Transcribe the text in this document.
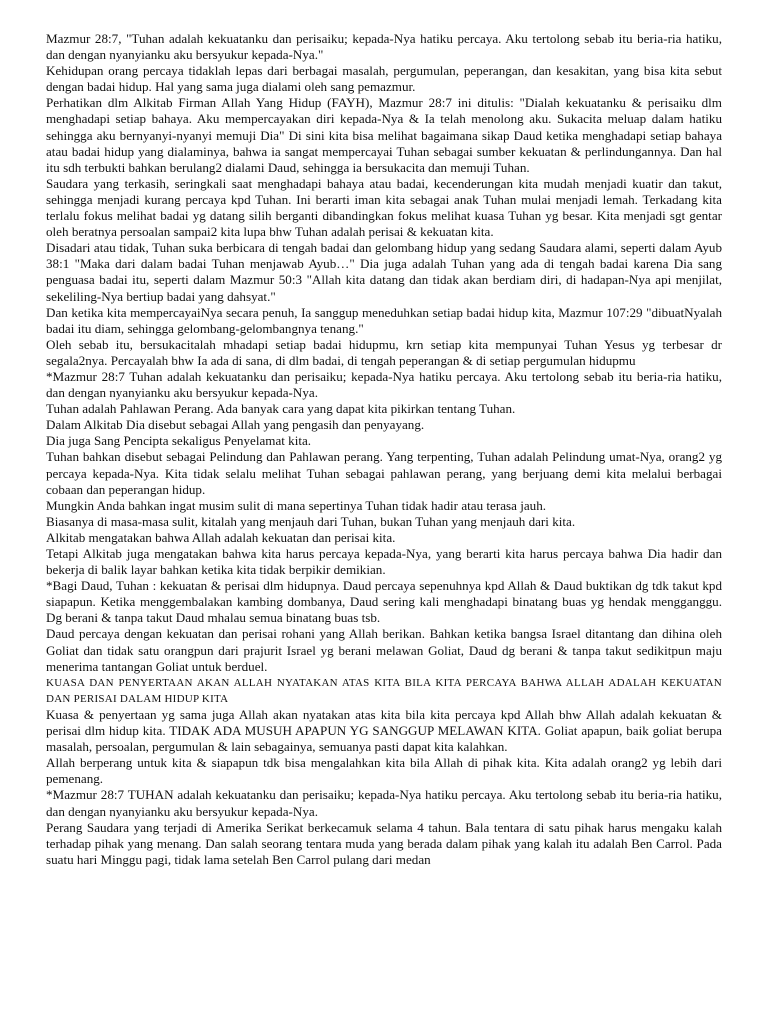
Mazmur 28:7, "Tuhan adalah kekuatanku dan perisaiku; kepada-Nya hatiku percaya. Aku tertolong sebab itu beria-ria hatiku, dan dengan nyanyianku aku bersyukur kepada-Nya."

Kehidupan orang percaya tidaklah lepas dari berbagai masalah, pergumulan, peperangan, dan kesakitan, yang bisa kita sebut dengan badai hidup. Hal yang sama juga dialami oleh sang pemazmur.

Perhatikan dlm Alkitab Firman Allah Yang Hidup (FAYH), Mazmur 28:7 ini ditulis: "Dialah kekuatanku & perisaiku dlm menghadapi setiap bahaya. Aku mempercayakan diri kepada-Nya & Ia telah menolong aku. Sukacita meluap dalam hatiku sehingga aku bernyanyi-nyanyi memuji Dia" Di sini kita bisa melihat bagaimana sikap Daud ketika menghadapi setiap bahaya atau badai hidup yang dialaminya, bahwa ia sangat mempercayai Tuhan sebagai sumber kekuatan & perlindungannya. Dan hal itu sdh terbukti bahkan berulang2 dialami Daud, sehingga ia bersukacita dan memuji Tuhan.

Saudara yang terkasih, seringkali saat menghadapi bahaya atau badai, kecenderungan kita mudah menjadi kuatir dan takut, sehingga menjadi kurang percaya kpd Tuhan. Ini berarti iman kita sebagai anak Tuhan mulai menjadi lemah. Terkadang kita terlalu fokus melihat badai yg datang silih berganti dibandingkan fokus melihat kuasa Tuhan yg besar. Kita menjadi sgt gentar oleh beratnya persoalan sampai2 kita lupa bhw Tuhan adalah perisai & kekuatan kita.

Disadari atau tidak, Tuhan suka berbicara di tengah badai dan gelombang hidup yang sedang Saudara alami, seperti dalam Ayub 38:1 "Maka dari dalam badai Tuhan menjawab Ayub…" Dia juga adalah Tuhan yang ada di tengah badai karena Dia sang penguasa badai itu, seperti dalam Mazmur 50:3 "Allah kita datang dan tidak akan berdiam diri, di hadapan-Nya api menjilat, sekeliling-Nya bertiup badai yang dahsyat."

Dan ketika kita mempercayaiNya secara penuh, Ia sanggup meneduhkan setiap badai hidup kita, Mazmur 107:29 "dibuatNyalah badai itu diam, sehingga gelombang-gelombangnya tenang."

Oleh sebab itu, bersukacitalah mhadapi setiap badai hidupmu, krn setiap kita mempunyai Tuhan Yesus yg terbesar dr segala2nya. Percayalah bhw Ia ada di sana, di dlm badai, di tengah peperangan & di setiap pergumulan hidupmu

*Mazmur 28:7 Tuhan adalah kekuatanku dan perisaiku; kepada-Nya hatiku percaya. Aku tertolong sebab itu beria-ria hatiku, dan dengan nyanyianku aku bersyukur kepada-Nya.

Tuhan adalah Pahlawan Perang. Ada banyak cara yang dapat kita pikirkan tentang Tuhan.

Dalam Alkitab Dia disebut sebagai Allah yang pengasih dan penyayang.

Dia juga Sang Pencipta sekaligus Penyelamat kita.

Tuhan bahkan disebut sebagai Pelindung dan Pahlawan perang. Yang terpenting, Tuhan adalah Pelindung umat-Nya, orang2 yg percaya kepada-Nya. Kita tidak selalu melihat Tuhan sebagai pahlawan perang, yang berjuang demi kita melalui berbagai cobaan dan peperangan hidup.

Mungkin Anda bahkan ingat musim sulit di mana sepertinya Tuhan tidak hadir atau terasa jauh.

Biasanya di masa-masa sulit, kitalah yang menjauh dari Tuhan, bukan Tuhan yang menjauh dari kita.

Alkitab mengatakan bahwa Allah adalah kekuatan dan perisai kita.

Tetapi Alkitab juga mengatakan bahwa kita harus percaya kepada-Nya, yang berarti kita harus percaya bahwa Dia hadir dan bekerja di balik layar bahkan ketika kita tidak berpikir demikian.

*Bagi Daud, Tuhan : kekuatan & perisai dlm hidupnya. Daud percaya sepenuhnya kpd Allah & Daud buktikan dg tdk takut kpd siapapun. Ketika menggembalakan kambing dombanya, Daud sering kali menghadapi binatang buas yg hendak mengganggu. Dg berani & tanpa takut Daud mhalau semua binatang buas tsb.

Daud percaya dengan kekuatan dan perisai rohani yang Allah berikan. Bahkan ketika bangsa Israel ditantang dan dihina oleh Goliat dan tidak satu orangpun dari prajurit Israel yg berani melawan Goliat, Daud dg berani & tanpa takut sedikitpun maju menerima tantangan Goliat untuk berduel.

KUASA DAN PENYERTAAN AKAN ALLAH NYATAKAN ATAS KITA BILA KITA PERCAYA BAHWA ALLAH ADALAH KEKUATAN DAN PERISAI DALAM HIDUP KITA

Kuasa & penyertaan yg sama juga Allah akan nyatakan atas kita bila kita percaya kpd Allah bhw Allah adalah kekuatan & perisai dlm hidup kita. TIDAK ADA MUSUH APAPUN YG SANGGUP MELAWAN KITA. Goliat apapun, baik goliat berupa masalah, persoalan, pergumulan & lain sebagainya, semuanya pasti dapat kita kalahkan.

Allah berperang untuk kita & siapapun tdk bisa mengalahkan kita bila Allah di pihak kita. Kita adalah orang2 yg lebih dari pemenang.

*Mazmur 28:7 TUHAN adalah kekuatanku dan perisaiku; kepada-Nya hatiku percaya. Aku tertolong sebab itu beria-ria hatiku, dan dengan nyanyianku aku bersyukur kepada-Nya.

Perang Saudara yang terjadi di Amerika Serikat berkecamuk selama 4 tahun. Bala tentara di satu pihak harus mengaku kalah terhadap pihak yang menang. Dan salah seorang tentara muda yang berada dalam pihak yang kalah itu adalah Ben Carrol. Pada suatu hari Minggu pagi, tidak lama setelah Ben Carrol pulang dari medan
